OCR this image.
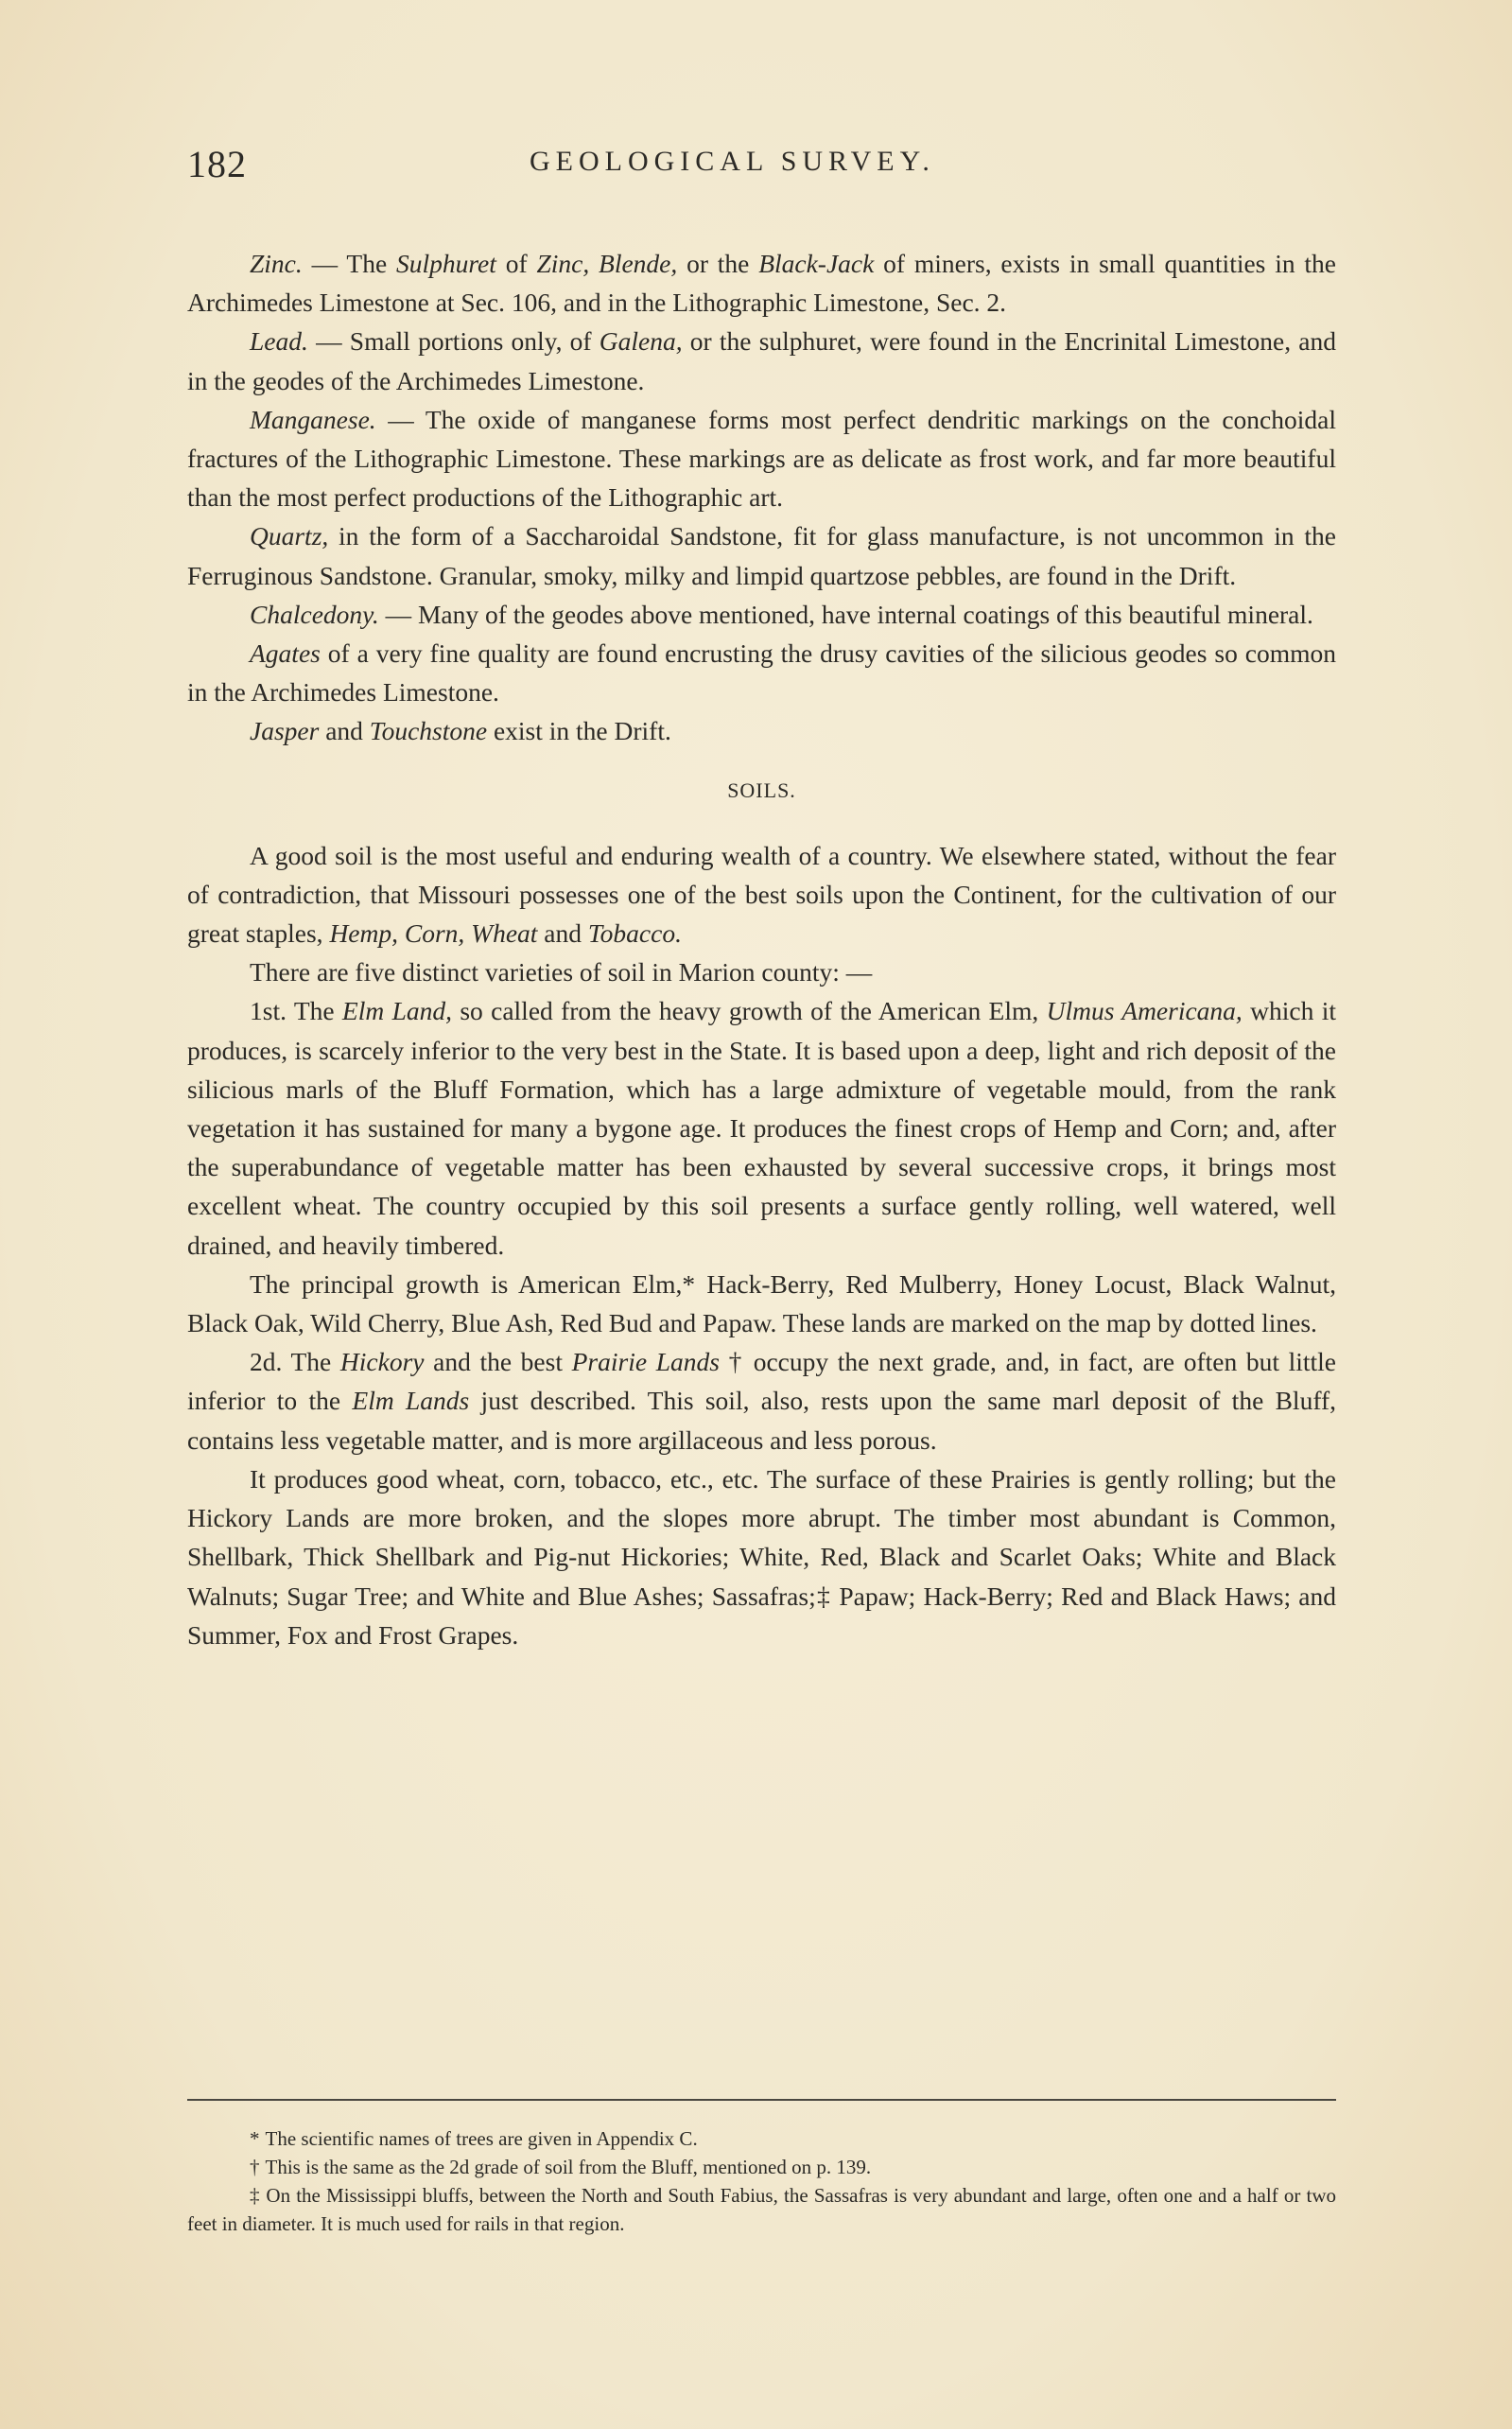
182	GEOLOGICAL SURVEY.

Zinc. — The Sulphuret of Zinc, Blende, or the Black-Jack of miners, exists in small quantities in the Archimedes Limestone at Sec. 106, and in the Lithographic Limestone, Sec. 2.

Lead. — Small portions only, of Galena, or the sulphuret, were found in the Encrinital Limestone, and in the geodes of the Archimedes Limestone.

Manganese. — The oxide of manganese forms most perfect dendritic markings on the conchoidal fractures of the Lithographic Limestone. These markings are as delicate as frost work, and far more beautiful than the most perfect productions of the Lithographic art.

Quartz, in the form of a Saccharoidal Sandstone, fit for glass manufacture, is not uncommon in the Ferruginous Sandstone. Granular, smoky, milky and limpid quartzose pebbles, are found in the Drift.

Chalcedony. — Many of the geodes above mentioned, have internal coatings of this beautiful mineral.

Agates of a very fine quality are found encrusting the drusy cavities of the silicious geodes so common in the Archimedes Limestone.

Jasper and Touchstone exist in the Drift.

SOILS.

A good soil is the most useful and enduring wealth of a country. We elsewhere stated, without the fear of contradiction, that Missouri possesses one of the best soils upon the Continent, for the cultivation of our great staples, Hemp, Corn, Wheat and Tobacco.

There are five distinct varieties of soil in Marion county: —

1st. The Elm Land, so called from the heavy growth of the American Elm, Ulmus Americana, which it produces, is scarcely inferior to the very best in the State. It is based upon a deep, light and rich deposit of the silicious marls of the Bluff Formation, which has a large admixture of vegetable mould, from the rank vegetation it has sustained for many a bygone age. It produces the finest crops of Hemp and Corn; and, after the superabundance of vegetable matter has been exhausted by several successive crops, it brings most excellent wheat. The country occupied by this soil presents a surface gently rolling, well watered, well drained, and heavily timbered.

The principal growth is American Elm,* Hack-Berry, Red Mulberry, Honey Locust, Black Walnut, Black Oak, Wild Cherry, Blue Ash, Red Bud and Papaw. These lands are marked on the map by dotted lines.

2d. The Hickory and the best Prairie Lands † occupy the next grade, and, in fact, are often but little inferior to the Elm Lands just described. This soil, also, rests upon the same marl deposit of the Bluff, contains less vegetable matter, and is more argillaceous and less porous.

It produces good wheat, corn, tobacco, etc., etc. The surface of these Prairies is gently rolling; but the Hickory Lands are more broken, and the slopes more abrupt. The timber most abundant is Common, Shellbark, Thick Shellbark and Pig-nut Hickories; White, Red, Black and Scarlet Oaks; White and Black Walnuts; Sugar Tree; and White and Blue Ashes; Sassafras;‡ Papaw; Hack-Berry; Red and Black Haws; and Summer, Fox and Frost Grapes.

* The scientific names of trees are given in Appendix C.

† This is the same as the 2d grade of soil from the Bluff, mentioned on p. 139.

‡ On the Mississippi bluffs, between the North and South Fabius, the Sassafras is very abundant and large, often one and a half or two feet in diameter. It is much used for rails in that region.
